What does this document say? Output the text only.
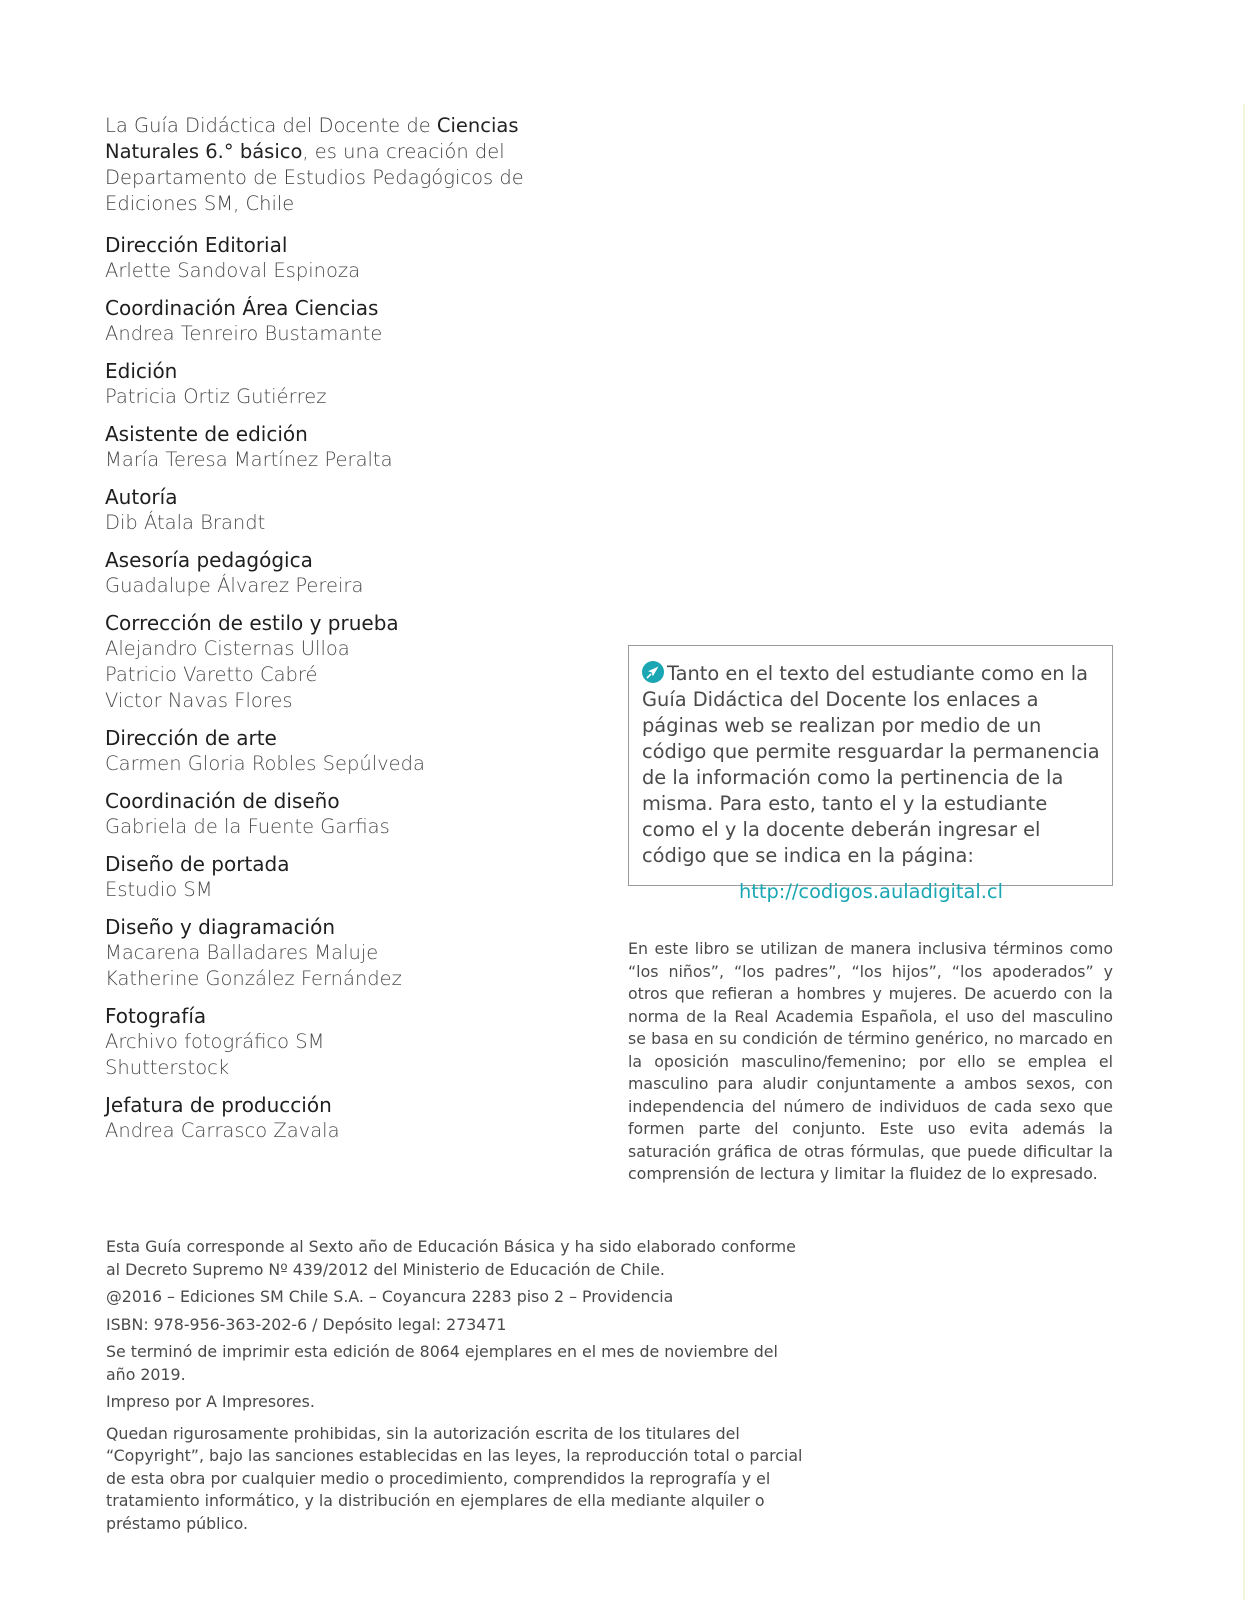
La Guía Didáctica del Docente de Ciencias Naturales 6.° básico, es una creación del Departamento de Estudios Pedagógicos de Ediciones SM, Chile
Dirección Editorial
Arlette Sandoval Espinoza
Coordinación Área Ciencias
Andrea Tenreiro Bustamante
Edición
Patricia Ortiz Gutiérrez
Asistente de edición
María Teresa Martínez Peralta
Autoría
Dib Átala Brandt
Asesoría pedagógica
Guadalupe Álvarez Pereira
Corrección de estilo y prueba
Alejandro Cisternas Ulloa
Patricio Varetto Cabré
Victor Navas Flores
Dirección de arte
Carmen Gloria Robles Sepúlveda
Coordinación de diseño
Gabriela de la Fuente Garfias
Diseño de portada
Estudio SM
Diseño y diagramación
Macarena Balladares Maluje
Katherine González Fernández
Fotografía
Archivo fotográfico SM
Shutterstock
Jefatura de producción
Andrea Carrasco Zavala
Tanto en el texto del estudiante como en la Guía Didáctica del Docente los enlaces a páginas web se realizan por medio de un código que permite resguardar la permanencia de la información como la pertinencia de la misma. Para esto, tanto el y la estudiante como el y la docente deberán ingresar el código que se indica en la página:
http://codigos.auladigital.cl
En este libro se utilizan de manera inclusiva términos como “los niños”, “los padres”, “los hijos”, “los apoderados” y otros que refieran a hombres y mujeres. De acuerdo con la norma de la Real Academia Española, el uso del masculino se basa en su condición de término genérico, no marcado en la oposición masculino/femenino; por ello se emplea el masculino para aludir conjuntamente a ambos sexos, con independencia del número de individuos de cada sexo que formen parte del conjunto. Este uso evita además la saturación gráfica de otras fórmulas, que puede dificultar la comprensión de lectura y limitar la fluidez de lo expresado.

Esta Guía corresponde al Sexto año de Educación Básica y ha sido elaborado conforme al Decreto Supremo Nº 439/2012 del Ministerio de Educación de Chile.

@2016 – Ediciones SM Chile S.A. – Coyancura 2283 piso 2 – Providencia

ISBN: 978-956-363-202-6 / Depósito legal: 273471

Se terminó de imprimir esta edición de 8064 ejemplares en el mes de noviembre del año 2019.

Impreso por A Impresores.

Quedan rigurosamente prohibidas, sin la autorización escrita de los titulares del “Copyright”, bajo las sanciones establecidas en las leyes, la reproducción total o parcial de esta obra por cualquier medio o procedimiento, comprendidos la reprografía y el tratamiento informático, y la distribución en ejemplares de ella mediante alquiler o préstamo público.
